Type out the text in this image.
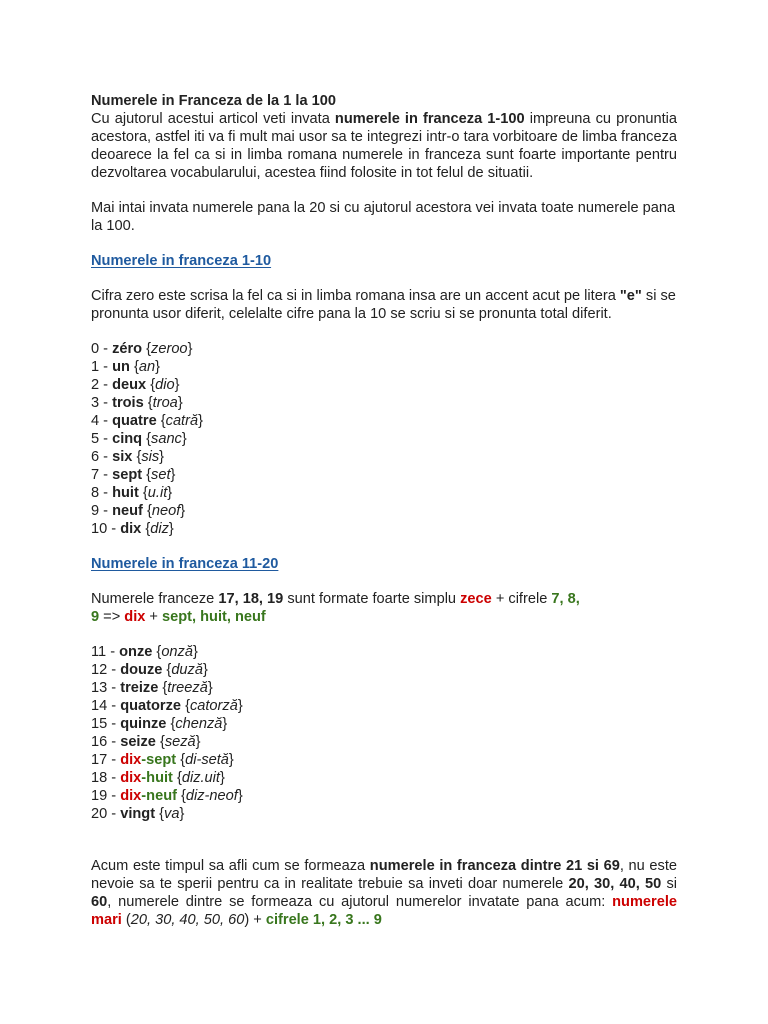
Numerele in Franceza de la 1 la 100

Cu ajutorul acestui articol veti invata numerele in franceza 1-100 impreuna cu pronuntia acestora, astfel iti va fi mult mai usor sa te integrezi intr-o tara vorbitoare de limba franceza deoarece la fel ca si in limba romana numerele in franceza sunt foarte importante pentru dezvoltarea vocabularului, acestea fiind folosite in tot felul de situatii.

Mai intai invata numerele pana la 20 si cu ajutorul acestora vei invata toate numerele pana la 100.

Numerele in franceza 1-10

Cifra zero este scrisa la fel ca si in limba romana insa are un accent acut pe litera "e" si se pronunta usor diferit, celelalte cifre pana la 10 se scriu si se pronunta total diferit.

0 - zéro {zeroo}
1 - un {an}
2 - deux {dio}
3 - trois {troa}
4 - quatre {catră}
5 - cinq {sanc}
6 - six {sis}
7 - sept {set}
8 - huit {u.it}
9 - neuf {neof}
10 - dix {diz}

Numerele in franceza 11-20

Numerele franceze 17, 18, 19 sunt formate foarte simplu zece + cifrele 7, 8,
9 => dix + sept, huit, neuf

11 - onze {onză}
12 - douze {duză}
13 - treize {treeză}
14 - quatorze {catorză}
15 - quinze {chenză}
16 - seize {seză}
17 - dix-sept {di-setă}
18 - dix-huit {diz.uit}
19 - dix-neuf {diz-neof}
20 - vingt {va}

Acum este timpul sa afli cum se formeaza numerele in franceza dintre 21 si 69, nu este nevoie sa te sperii pentru ca in realitate trebuie sa inveti doar numerele 20, 30, 40, 50 si 60, numerele dintre se formeaza cu ajutorul numerelor invatate pana acum: numerele mari (20, 30, 40, 50, 60) + cifrele 1, 2, 3 ... 9
